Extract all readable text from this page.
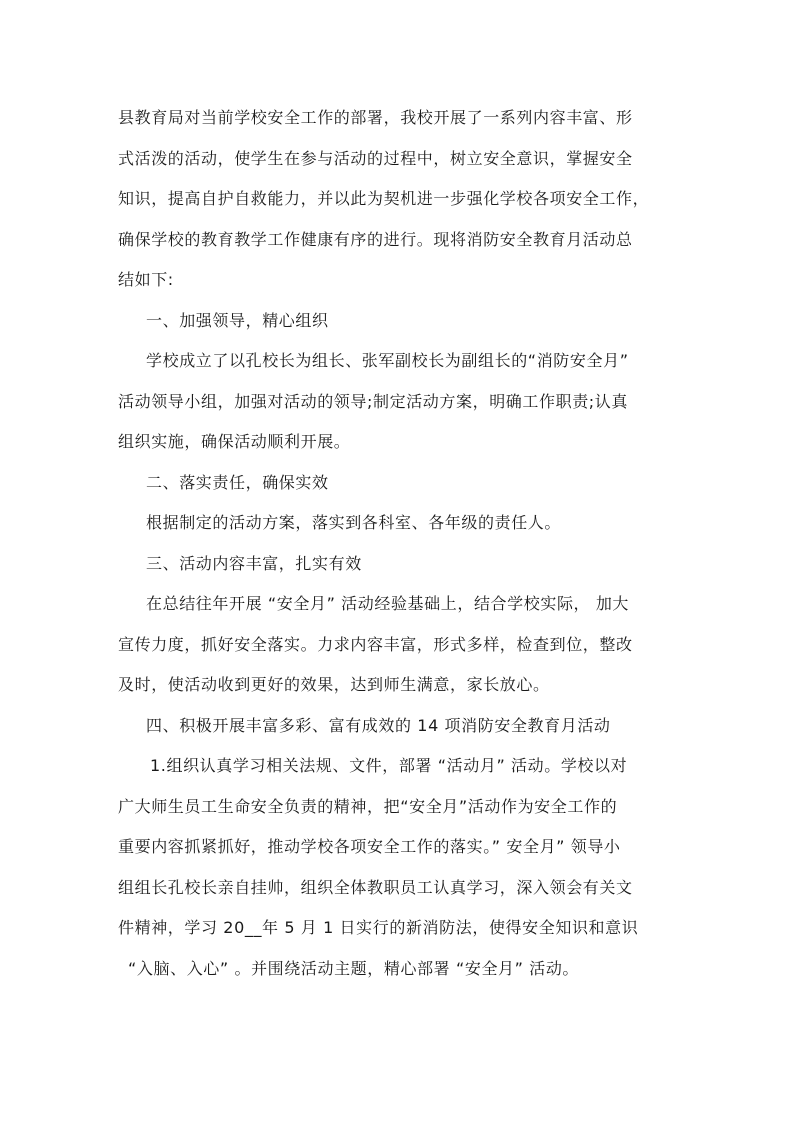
县教育局对当前学校安全工作的部署，我校开展了一系列内容丰富、形
式活泼的活动，使学生在参与活动的过程中，树立安全意识，掌握安全
知识，提高自护自救能力，并以此为契机进一步强化学校各项安全工作，
确保学校的教育教学工作健康有序的进行。现将消防安全教育月活动总
结如下:
一、加强领导，精心组织
学校成立了以孔校长为组长、张军副校长为副组长的“消防安全月”
活动领导小组，加强对活动的领导;制定活动方案，明确工作职责;认真
组织实施，确保活动顺利开展。
二、落实责任，确保实效
根据制定的活动方案，落实到各科室、各年级的责任人。
三、活动内容丰富，扎实有效
在总结往年开展 “安全月” 活动经验基础上，结合学校实际， 加大
宣传力度，抓好安全落实。力求内容丰富，形式多样，检查到位，整改
及时，使活动收到更好的效果，达到师生满意，家长放心。
四、积极开展丰富多彩、富有成效的 14 项消防安全教育月活动
1.组织认真学习相关法规、文件，部署 “活动月” 活动。学校以对
广大师生员工生命安全负责的精神，把“安全月”活动作为安全工作的
重要内容抓紧抓好，推动学校各项安全工作的落实。” 安全月” 领导小
组组长孔校长亲自挂帅，组织全体教职员工认真学习，深入领会有关文
件精神，学习 20__年 5 月 1 日实行的新消防法，使得安全知识和意识
“入脑、入心” 。并围绕活动主题，精心部署 “安全月” 活动。
